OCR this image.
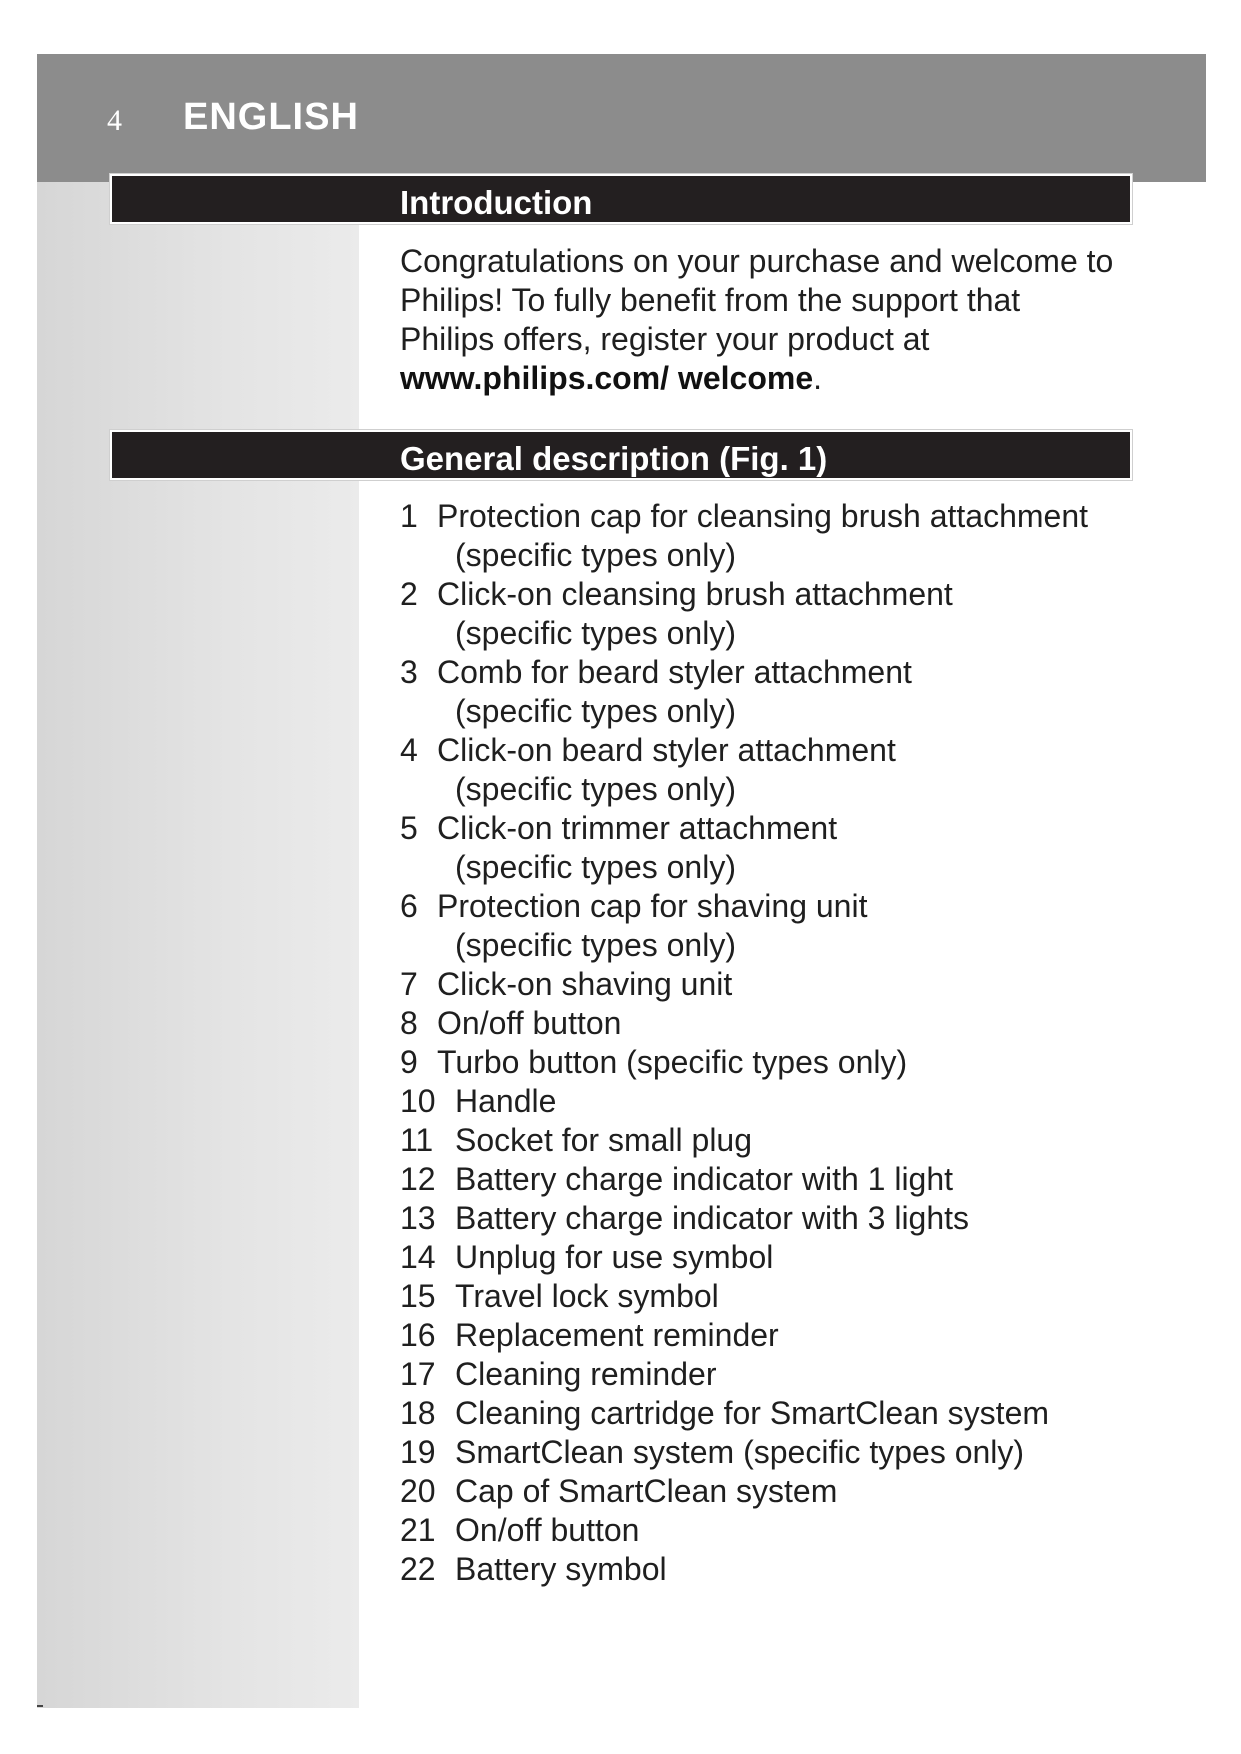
4 ENGLISH
Introduction
Congratulations on your purchase and welcome to Philips! To fully benefit from the support that Philips offers, register your product at www.philips.com/ welcome.
General description (Fig. 1)
1 Protection cap for cleansing brush attachment
(specific types only)
2 Click-on cleansing brush attachment
(specific types only)
3 Comb for beard styler attachment
(specific types only)
4 Click-on beard styler attachment
(specific types only)
5 Click-on trimmer attachment
(specific types only)
6 Protection cap for shaving unit
(specific types only)
7 Click-on shaving unit
8 On/off button
9 Turbo button (specific types only)
10 Handle
11 Socket for small plug
12 Battery charge indicator with 1 light
13 Battery charge indicator with 3 lights
14 Unplug for use symbol
15 Travel lock symbol
16 Replacement reminder
17 Cleaning reminder
18 Cleaning cartridge for SmartClean system
19 SmartClean system (specific types only)
20 Cap of SmartClean system
21 On/off button
22 Battery symbol
